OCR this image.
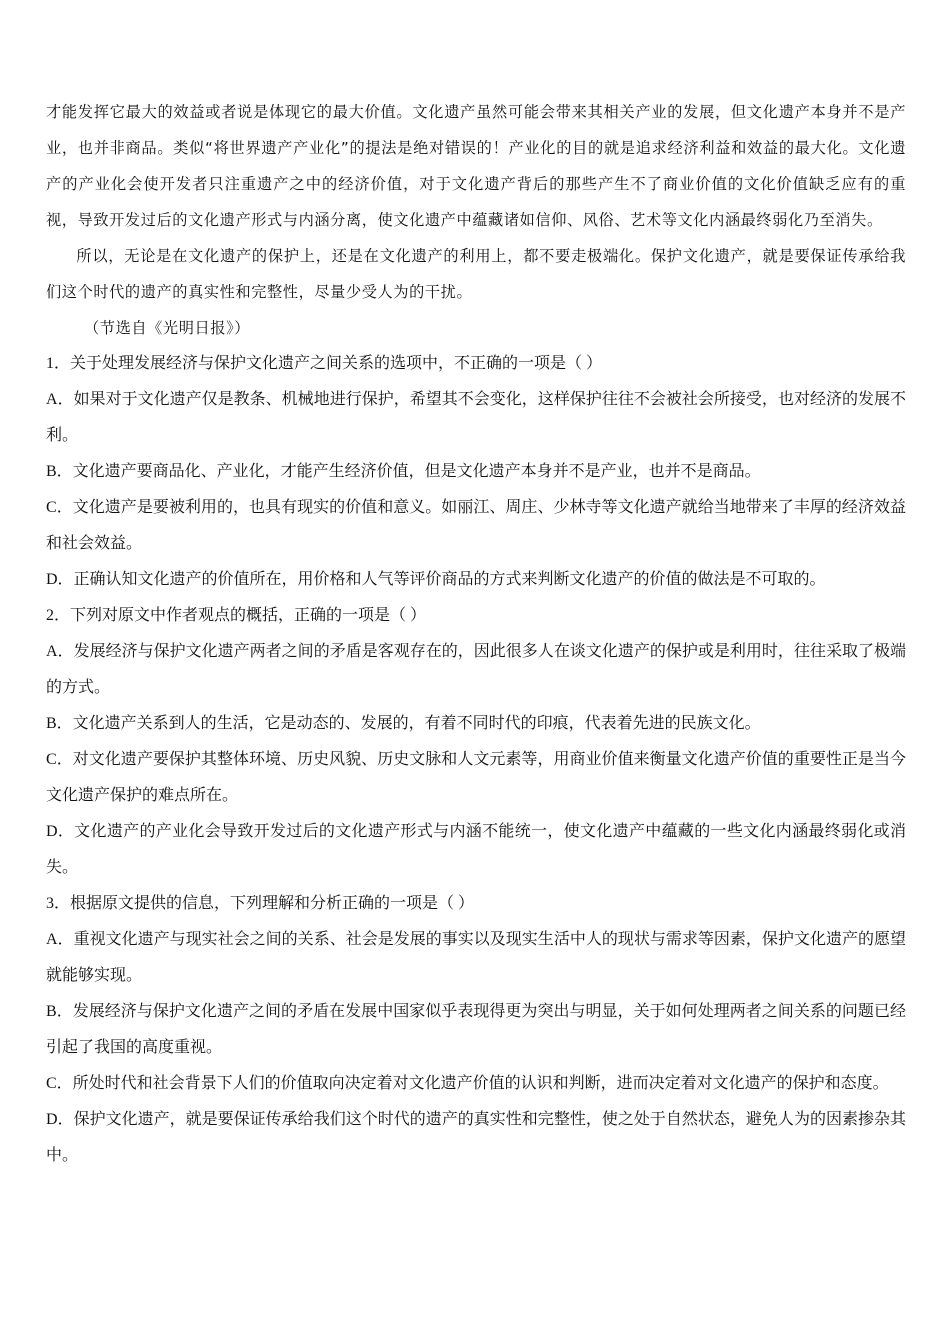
才能发挥它最大的效益或者说是体现它的最大价值。文化遗产虽然可能会带来其相关产业的发展，但文化遗产本身并不是产业，也并非商品。类似“将世界遗产产业化”的提法是绝对错误的！产业化的目的就是追求经济利益和效益的最大化。文化遗产的产业化会使开发者只注重遗产之中的经济价值，对于文化遗产背后的那些产生不了商业价值的文化价值缺乏应有的重视，导致开发过后的文化遗产形式与内涵分离，使文化遗产中蕴藏诸如信仰、风俗、艺术等文化内涵最终弱化乃至消失。

所以，无论是在文化遗产的保护上，还是在文化遗产的利用上，都不要走极端化。保护文化遗产，就是要保证传承给我们这个时代的遗产的真实性和完整性，尽量少受人为的干扰。

（节选自《光明日报》）

1．关于处理发展经济与保护文化遗产之间关系的选项中，不正确的一项是（ ）

A．如果对于文化遗产仅是教条、机械地进行保护，希望其不会变化，这样保护往往不会被社会所接受，也对经济的发展不利。

B．文化遗产要商品化、产业化，才能产生经济价值，但是文化遗产本身并不是产业，也并不是商品。

C．文化遗产是要被利用的，也具有现实的价值和意义。如丽江、周庄、少林寺等文化遗产就给当地带来了丰厚的经济效益和社会效益。

D．正确认知文化遗产的价值所在，用价格和人气等评价商品的方式来判断文化遗产的价值的做法是不可取的。

2．下列对原文中作者观点的概括，正确的一项是（ ）

A．发展经济与保护文化遗产两者之间的矛盾是客观存在的，因此很多人在谈文化遗产的保护或是利用时，往往采取了极端的方式。

B．文化遗产关系到人的生活，它是动态的、发展的，有着不同时代的印痕，代表着先进的民族文化。

C．对文化遗产要保护其整体环境、历史风貌、历史文脉和人文元素等，用商业价值来衡量文化遗产价值的重要性正是当今文化遗产保护的难点所在。

D．文化遗产的产业化会导致开发过后的文化遗产形式与内涵不能统一，使文化遗产中蕴藏的一些文化内涵最终弱化或消失。

3．根据原文提供的信息，下列理解和分析正确的一项是（ ）

A．重视文化遗产与现实社会之间的关系、社会是发展的事实以及现实生活中人的现状与需求等因素，保护文化遗产的愿望就能够实现。

B．发展经济与保护文化遗产之间的矛盾在发展中国家似乎表现得更为突出与明显，关于如何处理两者之间关系的问题已经引起了我国的高度重视。

C．所处时代和社会背景下人们的价值取向决定着对文化遗产价值的认识和判断，进而决定着对文化遗产的保护和态度。

D．保护文化遗产，就是要保证传承给我们这个时代的遗产的真实性和完整性，使之处于自然状态，避免人为的因素掺杂其中。
